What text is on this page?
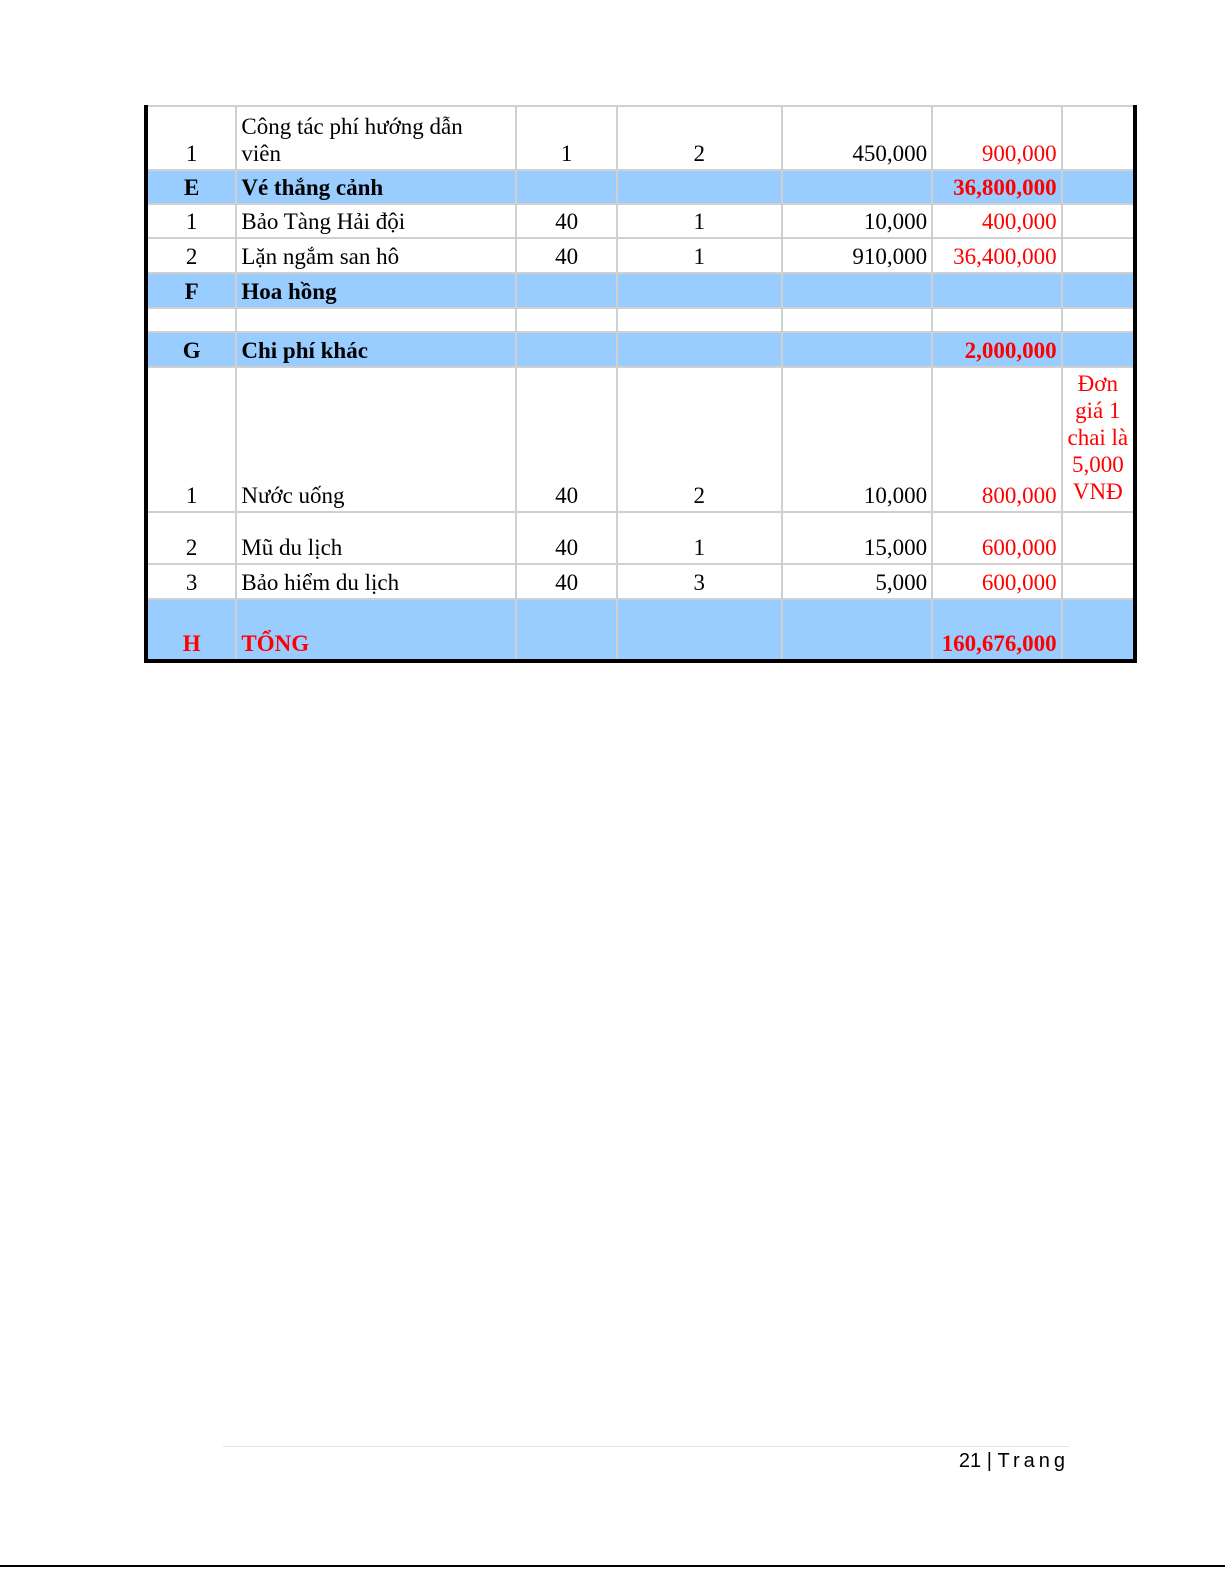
1	Công tác phí hướng dẫn viên	1	2	450,000	900,000	
E	Vé thắng cảnh				36,800,000	
1	Bảo Tàng Hải đội	40	1	10,000	400,000	
2	Lặn ngắm san hô	40	1	910,000	36,400,000	
F	Hoa hồng					

G	Chi phí khác				2,000,000	
1	Nước uống	40	2	10,000	800,000	Đơn giá 1 chai là 5,000 VNĐ
2	Mũ du lịch	40	1	15,000	600,000	
3	Bảo hiểm du lịch	40	3	5,000	600,000	
H	TỔNG				160,676,000	
21 | Trang
